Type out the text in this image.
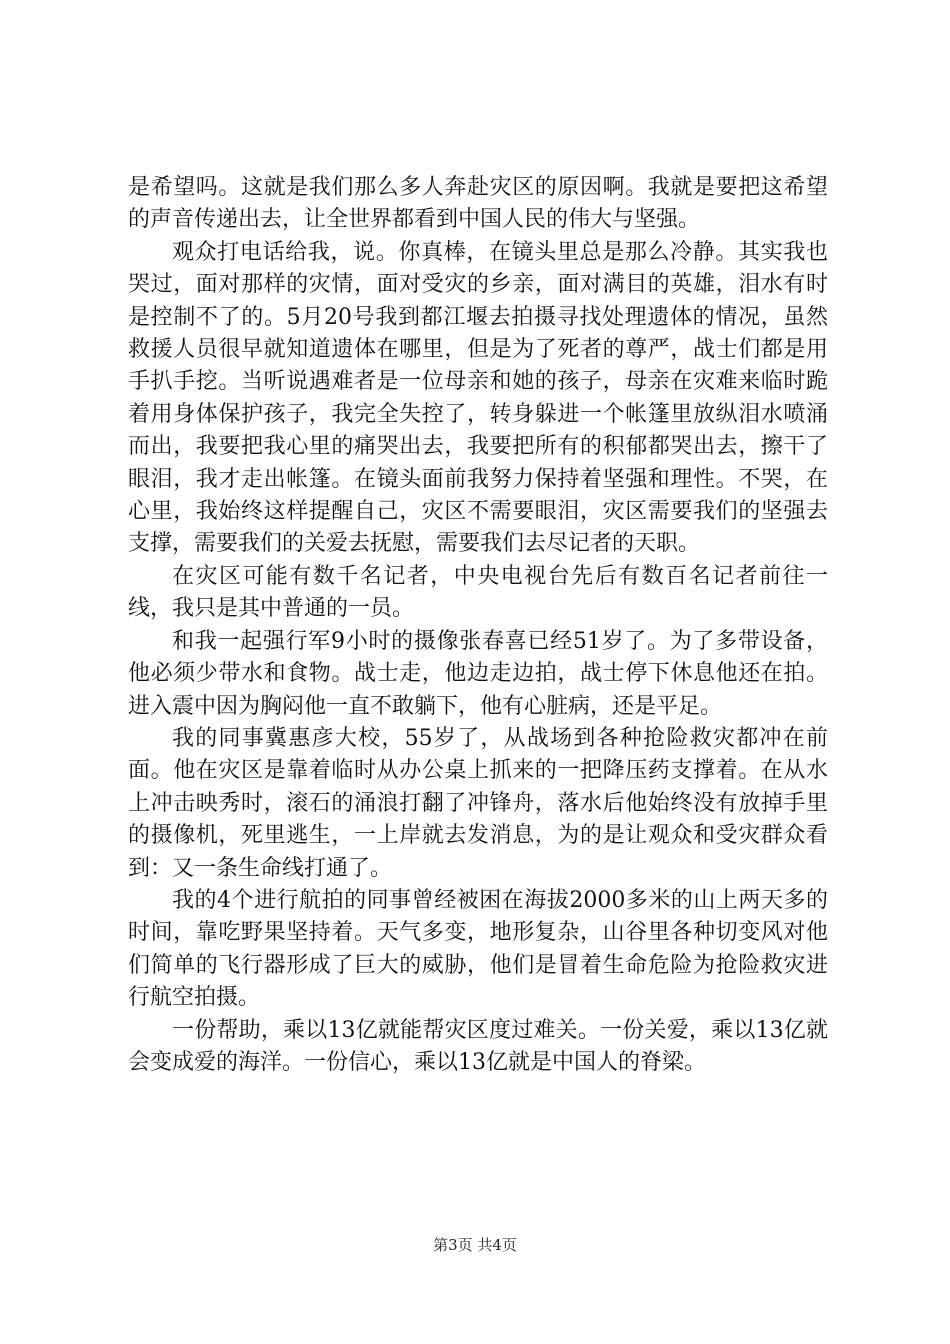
是希望吗。这就是我们那么多人奔赴灾区的原因啊。我就是要把这希望的声音传递出去，让全世界都看到中国人民的伟大与坚强。

观众打电话给我，说。你真棒，在镜头里总是那么冷静。其实我也哭过，面对那样的灾情，面对受灾的乡亲，面对满目的英雄，泪水有时是控制不了的。5月20号我到都江堰去拍摄寻找处理遗体的情况，虽然救援人员很早就知道遗体在哪里，但是为了死者的尊严，战士们都是用手扒手挖。当听说遇难者是一位母亲和她的孩子，母亲在灾难来临时跪着用身体保护孩子，我完全失控了，转身躲进一个帐篷里放纵泪水喷涌而出，我要把我心里的痛哭出去，我要把所有的积郁都哭出去，擦干了眼泪，我才走出帐篷。在镜头面前我努力保持着坚强和理性。不哭，在心里，我始终这样提醒自己，灾区不需要眼泪，灾区需要我们的坚强去支撑，需要我们的关爱去抚慰，需要我们去尽记者的天职。

在灾区可能有数千名记者，中央电视台先后有数百名记者前往一线，我只是其中普通的一员。

和我一起强行军9小时的摄像张春喜已经51岁了。为了多带设备，他必须少带水和食物。战士走，他边走边拍，战士停下休息他还在拍。进入震中因为胸闷他一直不敢躺下，他有心脏病，还是平足。

我的同事冀惠彦大校，55岁了，从战场到各种抢险救灾都冲在前面。他在灾区是靠着临时从办公桌上抓来的一把降压药支撑着。在从水上冲击映秀时，滚石的涌浪打翻了冲锋舟，落水后他始终没有放掉手里的摄像机，死里逃生，一上岸就去发消息，为的是让观众和受灾群众看到：又一条生命线打通了。

我的4个进行航拍的同事曾经被困在海拔2000多米的山上两天多的时间，靠吃野果坚持着。天气多变，地形复杂，山谷里各种切变风对他们简单的飞行器形成了巨大的威胁，他们是冒着生命危险为抢险救灾进行航空拍摄。

一份帮助，乘以13亿就能帮灾区度过难关。一份关爱，乘以13亿就会变成爱的海洋。一份信心，乘以13亿就是中国人的脊梁。

第3页 共4页
